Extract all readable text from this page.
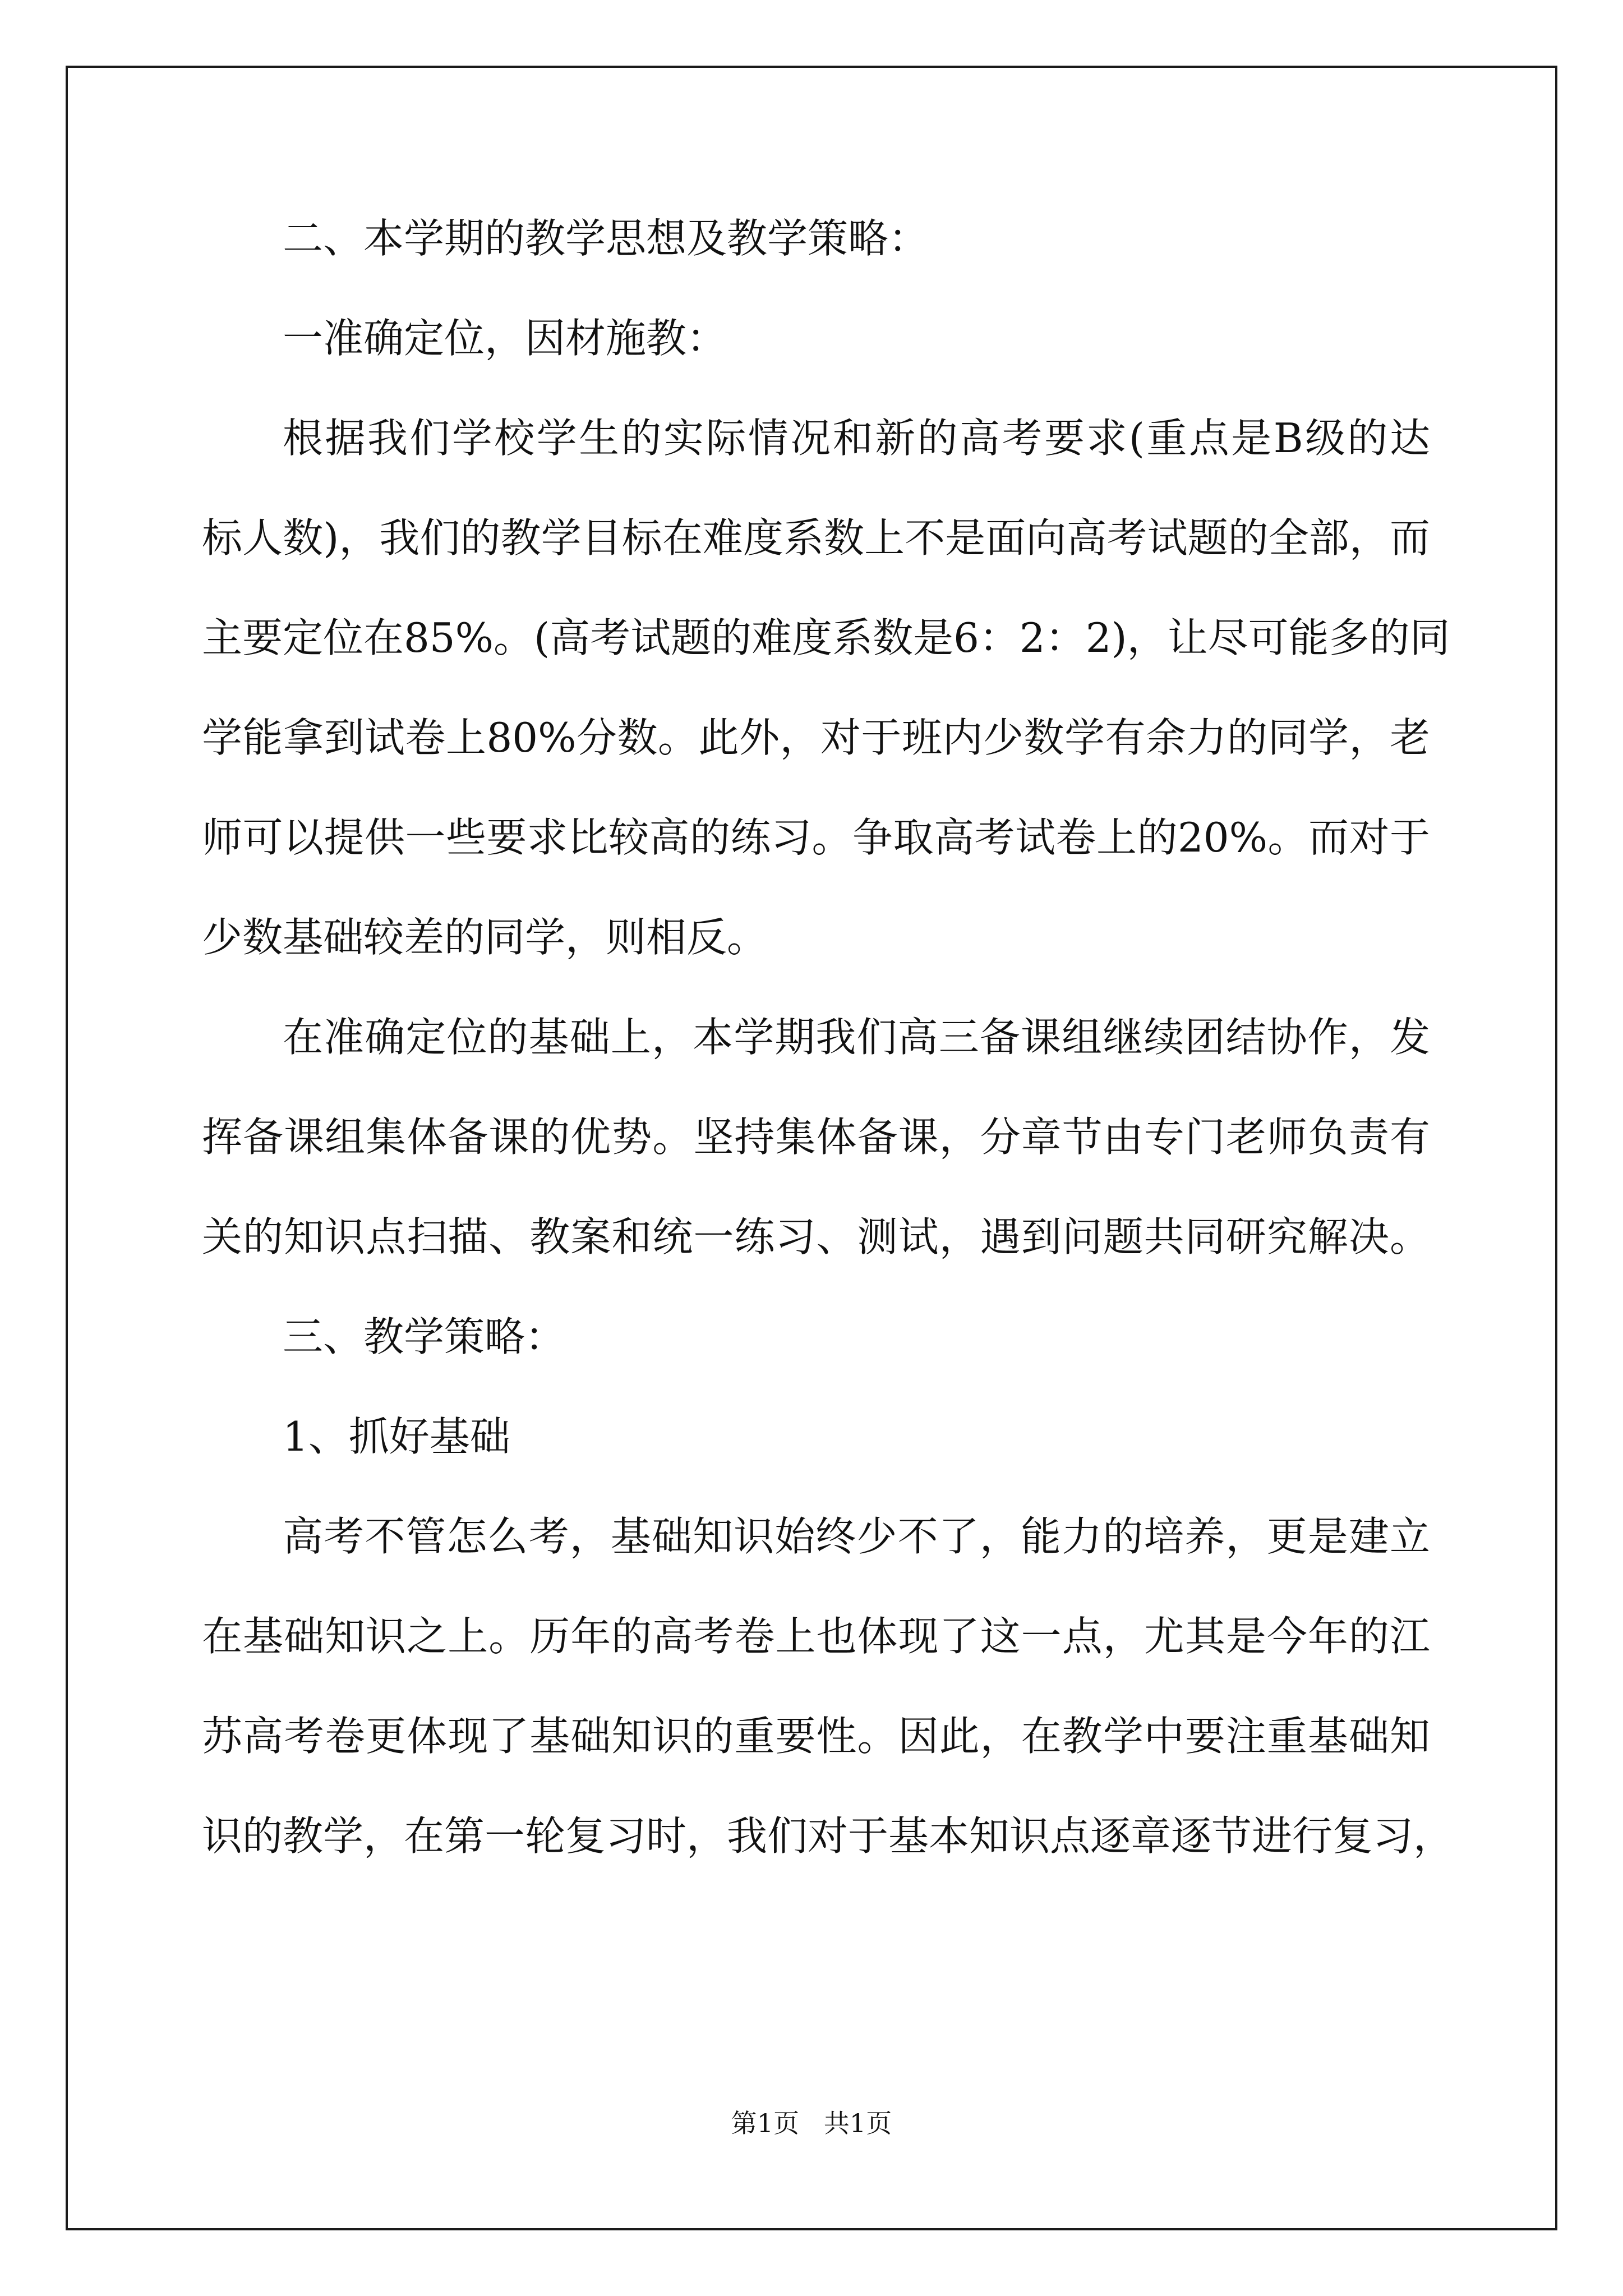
二、本学期的教学思想及教学策略：
一准确定位，因材施教：
根据我们学校学生的实际情况和新的高考要求(重点是B级的达
标人数)，我们的教学目标在难度系数上不是面向高考试题的全部，而
主要定位在85%。(高考试题的难度系数是6：2：2)，让尽可能多的同
学能拿到试卷上80%分数。此外，对于班内少数学有余力的同学，老
师可以提供一些要求比较高的练习。争取高考试卷上的20%。而对于
少数基础较差的同学，则相反。
在准确定位的基础上，本学期我们高三备课组继续团结协作，发
挥备课组集体备课的优势。坚持集体备课，分章节由专门老师负责有
关的知识点扫描、教案和统一练习、测试，遇到问题共同研究解决。
三、教学策略：
1、抓好基础
高考不管怎么考，基础知识始终少不了，能力的培养，更是建立
在基础知识之上。历年的高考卷上也体现了这一点，尤其是今年的江
苏高考卷更体现了基础知识的重要性。因此，在教学中要注重基础知
识的教学，在第一轮复习时，我们对于基本知识点逐章逐节进行复习，
第1页   共1页
